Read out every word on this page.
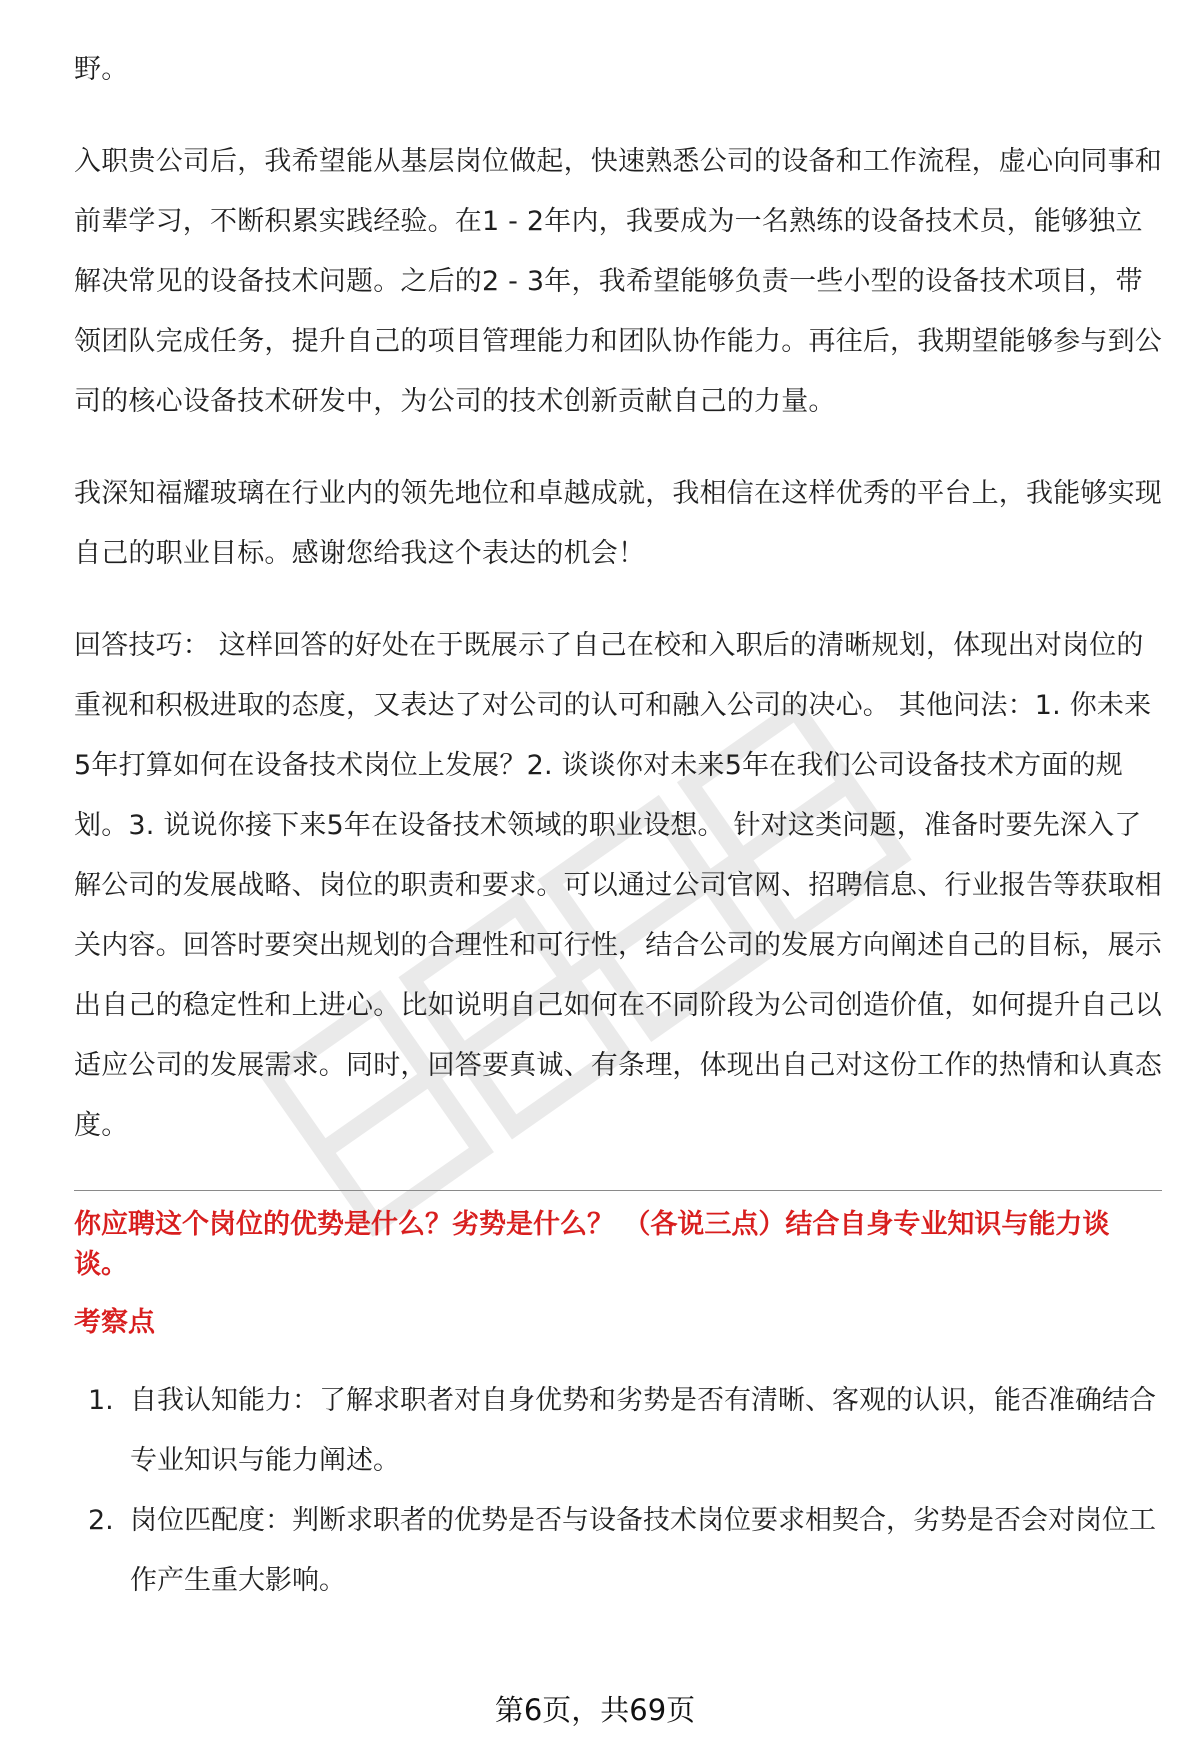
野。

入职贵公司后，我希望能从基层岗位做起，快速熟悉公司的设备和工作流程，虚心向同事和前辈学习，不断积累实践经验。在1 - 2年内，我要成为一名熟练的设备技术员，能够独立解决常见的设备技术问题。之后的2 - 3年，我希望能够负责一些小型的设备技术项目，带领团队完成任务，提升自己的项目管理能力和团队协作能力。再往后，我期望能够参与到公司的核心设备技术研发中，为公司的技术创新贡献自己的力量。

我深知福耀玻璃在行业内的领先地位和卓越成就，我相信在这样优秀的平台上，我能够实现自己的职业目标。感谢您给我这个表达的机会！

回答技巧： 这样回答的好处在于既展示了自己在校和入职后的清晰规划，体现出对岗位的重视和积极进取的态度，又表达了对公司的认可和融入公司的决心。 其他问法：1. 你未来5年打算如何在设备技术岗位上发展？2. 谈谈你对未来5年在我们公司设备技术方面的规划。3. 说说你接下来5年在设备技术领域的职业设想。 针对这类问题，准备时要先深入了解公司的发展战略、岗位的职责和要求。可以通过公司官网、招聘信息、行业报告等获取相关内容。回答时要突出规划的合理性和可行性，结合公司的发展方向阐述自己的目标，展示出自己的稳定性和上进心。比如说明自己如何在不同阶段为公司创造价值，如何提升自己以适应公司的发展需求。同时，回答要真诚、有条理，体现出自己对这份工作的热情和认真态度。

你应聘这个岗位的优势是什么？劣势是什么？ （各说三点）结合自身专业知识与能力谈谈。

考察点

1. 自我认知能力：了解求职者对自身优势和劣势是否有清晰、客观的认识，能否准确结合专业知识与能力阐述。
2. 岗位匹配度：判断求职者的优势是否与设备技术岗位要求相契合，劣势是否会对岗位工作产生重大影响。
第6页，共69页
